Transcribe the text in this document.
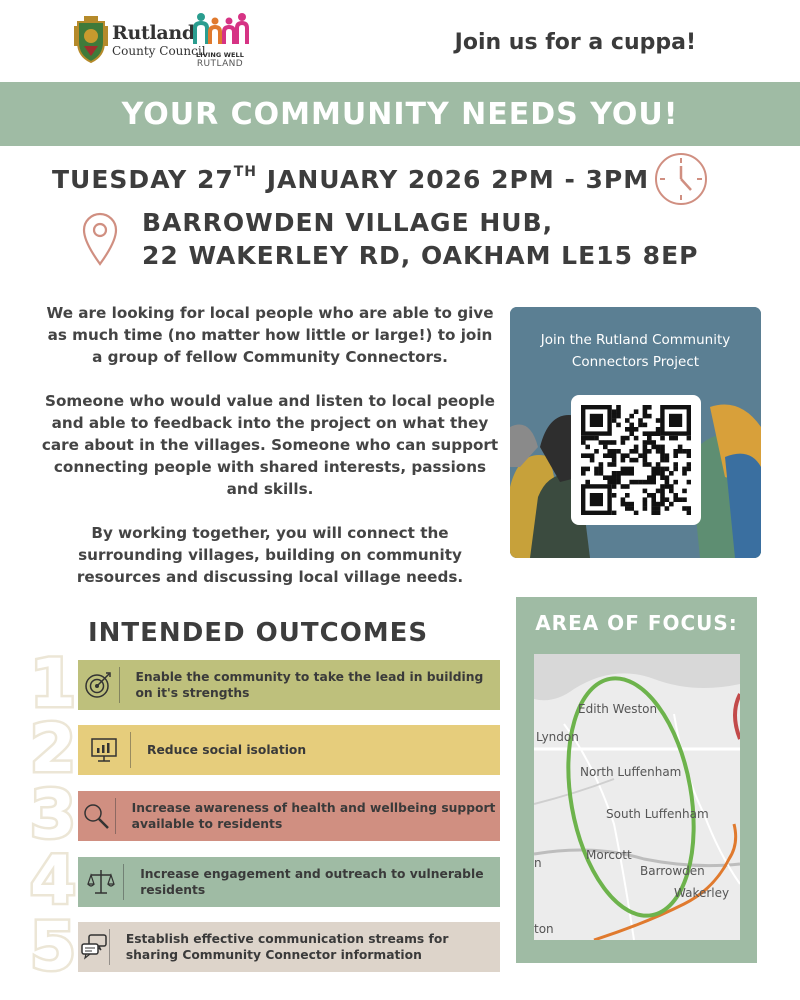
Rutland
County Council
LIVING WELL
RUTLAND
Join us for a cuppa!
YOUR COMMUNITY NEEDS YOU!
TUESDAY 27TH JANUARY 2026 2PM - 3PM
BARROWDEN VILLAGE HUB,
22 WAKERLEY RD, OAKHAM LE15 8EP

We are looking for local people who are able to give as much time (no matter how little or large!) to join a group of fellow Community Connectors.

Someone who would value and listen to local people and able to feedback into the project on what they care about in the villages. Someone who can support connecting people with shared interests, passions and skills.

By working together, you will connect the surrounding villages, building on community resources and discussing local village needs.

Join the Rutland Community Connectors Project
INTENDED OUTCOMES
1	Enable the community to take the lead in building on it's strengths
2	Reduce social isolation
3	Increase awareness of health and wellbeing support available to residents
4	Increase engagement and outreach to vulnerable residents
5	Establish effective communication streams for sharing Community Connector information
AREA OF FOCUS:
Edith Weston
Lyndon
North Luffenham
South Luffenham
Morcott
Barrowden
Wakerley
n
ton
